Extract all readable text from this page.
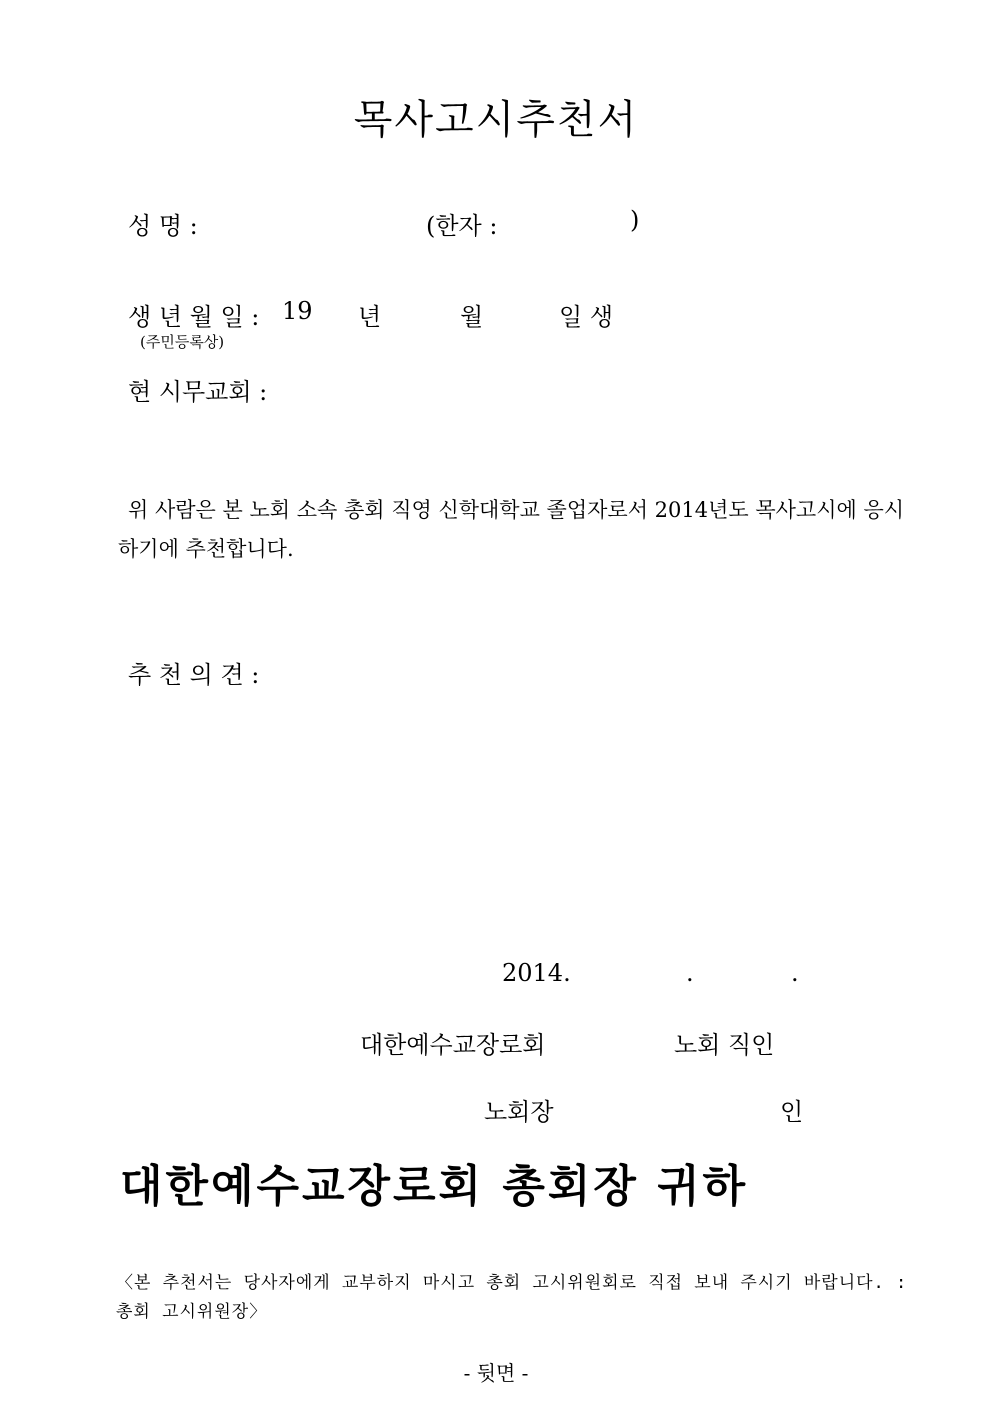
목사고시추천서
성 명 :	(한자 :	)
생 년 월 일 : 19 년	월	일 생
(주민등록상)
현 시무교회 :
위 사람은 본 노회 소속 총회 직영 신학대학교 졸업자로서 2014년도 목사고시에 응시
하기에 추천합니다.
추 천 의 견 :
2014.	.	.
대한예수교장로회	노회 직인
노회장	인
대한예수교장로회 총회장 귀하
〈본 추천서는 당사자에게 교부하지 마시고 총회 고시위원회로 직접 보내 주시기 바랍니다. :
총회 고시위원장〉
- 뒷면 -
